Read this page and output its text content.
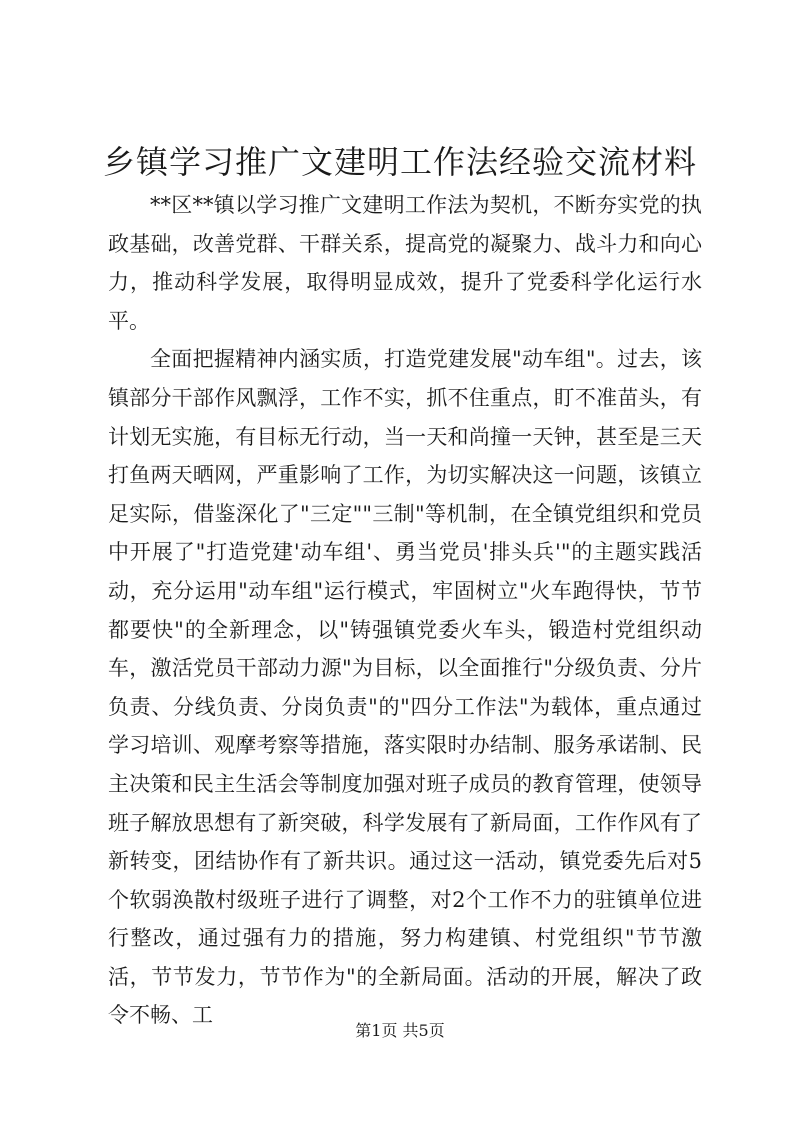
乡镇学习推广文建明工作法经验交流材料

**区**镇以学习推广文建明工作法为契机，不断夯实党的执政基础，改善党群、干群关系，提高党的凝聚力、战斗力和向心力，推动科学发展，取得明显成效，提升了党委科学化运行水平。

全面把握精神内涵实质，打造党建发展"动车组"。过去，该镇部分干部作风飘浮，工作不实，抓不住重点，盯不准苗头，有计划无实施，有目标无行动，当一天和尚撞一天钟，甚至是三天打鱼两天晒网，严重影响了工作，为切实解决这一问题，该镇立足实际，借鉴深化了"三定""三制"等机制，在全镇党组织和党员中开展了"打造党建'动车组'、勇当党员'排头兵'"的主题实践活动，充分运用"动车组"运行模式，牢固树立"火车跑得快，节节都要快"的全新理念，以"铸强镇党委火车头，锻造村党组织动车，激活党员干部动力源"为目标，以全面推行"分级负责、分片负责、分线负责、分岗负责"的"四分工作法"为载体，重点通过学习培训、观摩考察等措施，落实限时办结制、服务承诺制、民主决策和民主生活会等制度加强对班子成员的教育管理，使领导班子解放思想有了新突破，科学发展有了新局面，工作作风有了新转变，团结协作有了新共识。通过这一活动，镇党委先后对5个软弱涣散村级班子进行了调整，对2个工作不力的驻镇单位进行整改，通过强有力的措施，努力构建镇、村党组织"节节激活，节节发力，节节作为"的全新局面。活动的开展，解决了政令不畅、工

第1页 共5页
